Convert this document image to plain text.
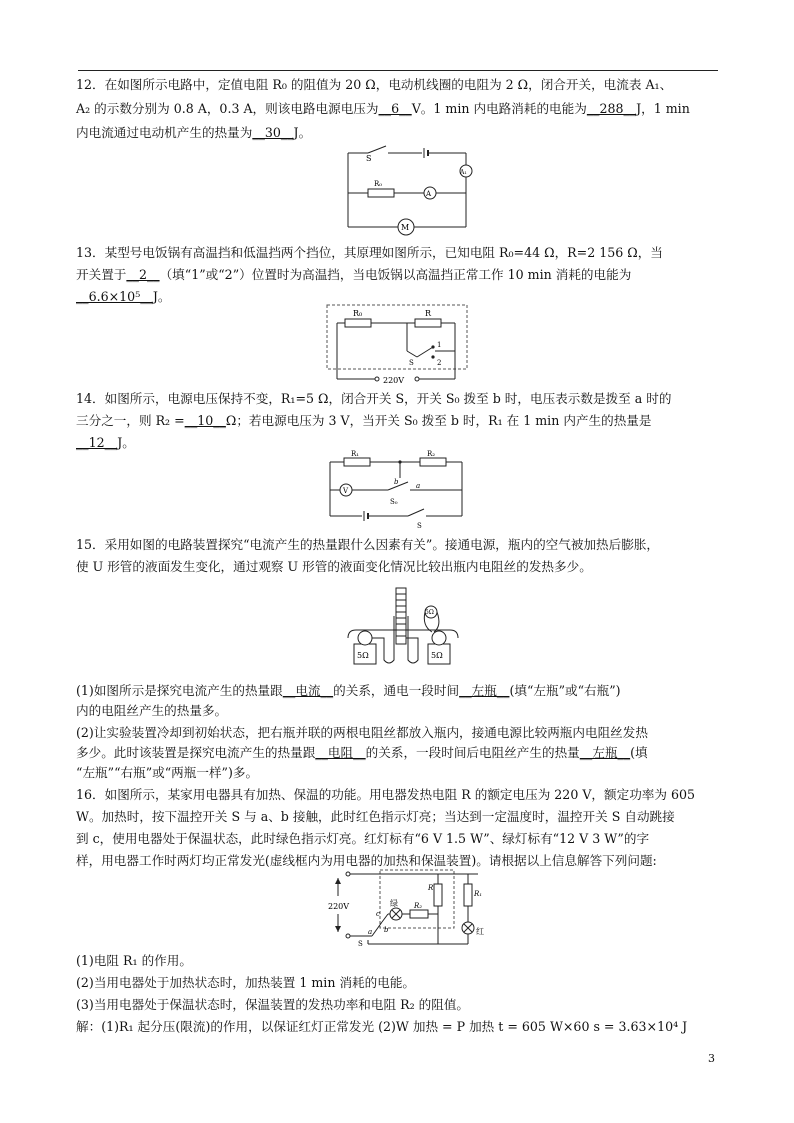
12．在如图所示电路中，定值电阻 R₀ 的阻值为 20 Ω，电动机线圈的电阻为 2 Ω，闭合开关，电流表 A₁、
A₂ 的示数分别为 0.8 A，0.3 A，则该电路电源电压为__6__V。1 min 内电路消耗的电能为__288__J，1 min
内电流通过电动机产生的热量为__30__J。
S
A₁
R₀
A
M
13．某型号电饭锅有高温挡和低温挡两个挡位，其原理如图所示，已知电阻 R₀=44 Ω，R=2 156 Ω，当
开关置于__2__（填“1”或“2”）位置时为高温挡，当电饭锅以高温挡正常工作 10 min 消耗的电能为
__6.6×10⁵__J。
R₀	R
S
1
2
220V
14．如图所示，电源电压保持不变，R₁=5 Ω，闭合开关 S，开关 S₀ 拨至 b 时，电压表示数是拨至 a 时的
三分之一，则 R₂ =__10__Ω；若电源电压为 3 V，当开关 S₀ 拨至 b 时，R₁ 在 1 min 内产生的热量是
__12__J。
R₁	R₂
V
b	a
S₀
S
15．采用如图的电路装置探究“电流产生的热量跟什么因素有关”。接通电源，瓶内的空气被加热后膨胀，
使 U 形管的液面发生变化，通过观察 U 形管的液面变化情况比较出瓶内电阻丝的发热多少。
5Ω	5Ω
5Ω
(1)如图所示是探究电流产生的热量跟__电流__的关系，通电一段时间__左瓶__(填“左瓶”或“右瓶”)
内的电阻丝产生的热量多。
(2)让实验装置冷却到初始状态，把右瓶并联的两根电阻丝都放入瓶内，接通电源比较两瓶内电阻丝发热
多少。此时该装置是探究电流产生的热量跟__电阻__的关系，一段时间后电阻丝产生的热量__左瓶__(填
“左瓶”“右瓶”或“两瓶一样”)多。
16．如图所示，某家用电器具有加热、保温的功能。用电器发热电阻 R 的额定电压为 220 V，额定功率为 605
W。加热时，按下温控开关 S 与 a、b 接触，此时红色指示灯亮；当达到一定温度时，温控开关 S 自动跳接
到 c，使用电器处于保温状态，此时绿色指示灯亮。红灯标有“6 V 1.5 W”、绿灯标有“12 V 3 W”的字
样，用电器工作时两灯均正常发光(虚线框内为用电器的加热和保温装置)。请根据以上信息解答下列问题:
220V	绿
红
R
R₁
R₂
c
a b
S
(1)电阻 R₁ 的作用。
(2)当用电器处于加热状态时，加热装置 1 min 消耗的电能。
(3)当用电器处于保温状态时，保温装置的发热功率和电阻 R₂ 的阻值。
解：(1)R₁ 起分压(限流)的作用，以保证红灯正常发光 (2)W 加热 = P 加热 t = 605 W×60 s = 3.63×10⁴ J
3
